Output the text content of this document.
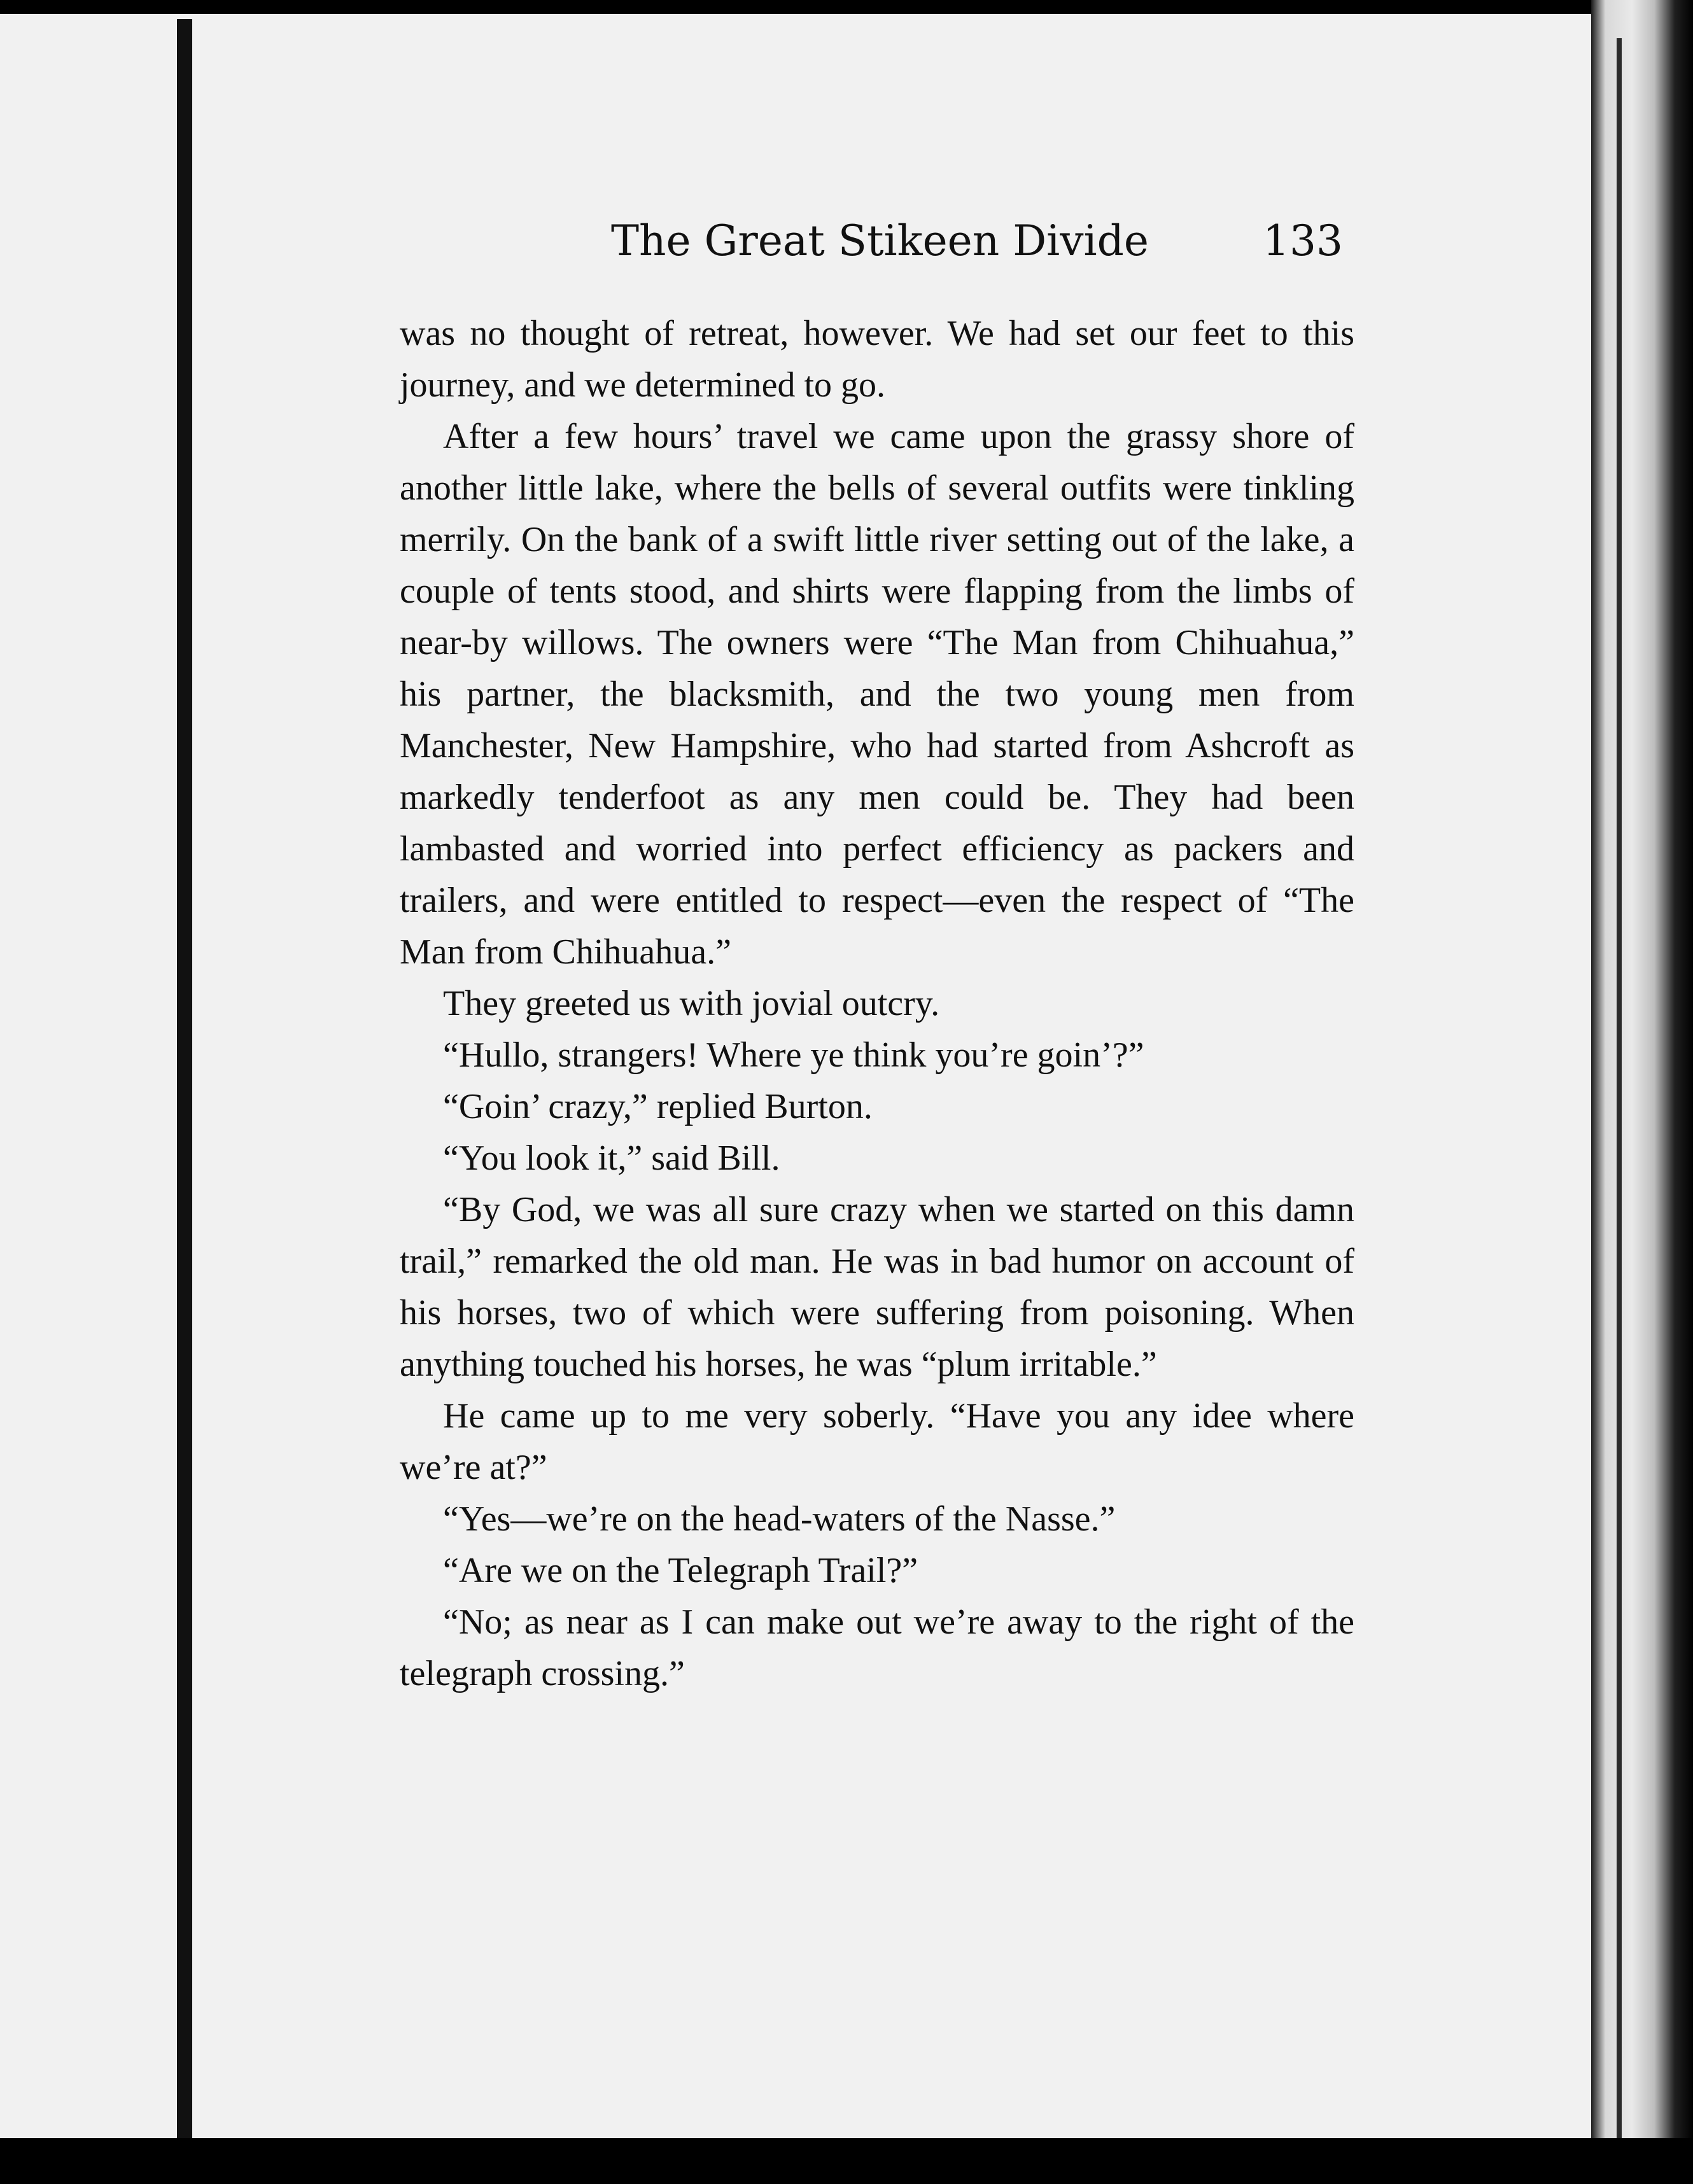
The Great Stikeen Divide	133

was no thought of retreat, however. We had set our feet to this journey, and we determined to go.

After a few hours’ travel we came upon the grassy shore of another little lake, where the bells of several outfits were tinkling merrily. On the bank of a swift little river setting out of the lake, a couple of tents stood, and shirts were flapping from the limbs of near-by willows. The owners were “The Man from Chihuahua,” his partner, the blacksmith, and the two young men from Manchester, New Hampshire, who had started from Ashcroft as markedly tenderfoot as any men could be. They had been lambasted and worried into perfect efficiency as packers and trailers, and were entitled to respect—even the respect of “The Man from Chihuahua.”

They greeted us with jovial outcry.

“Hullo, strangers! Where ye think you’re goin’?”

“Goin’ crazy,” replied Burton.

“You look it,” said Bill.

“By God, we was all sure crazy when we started on this damn trail,” remarked the old man. He was in bad humor on account of his horses, two of which were suffering from poisoning. When anything touched his horses, he was “plum irritable.”

He came up to me very soberly. “Have you any idee where we’re at?”

“Yes—we’re on the head-waters of the Nasse.”

“Are we on the Telegraph Trail?”

“No; as near as I can make out we’re away to the right of the telegraph crossing.”
